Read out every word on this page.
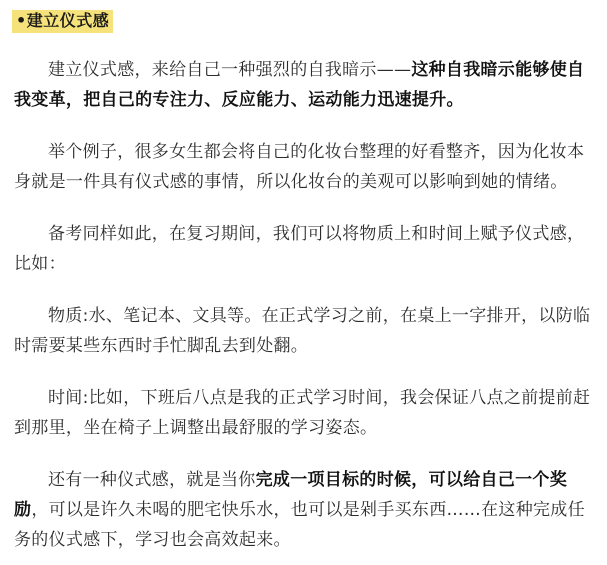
•建立仪式感

建立仪式感，来给自己一种强烈的自我暗示——这种自我暗示能够使自我变革，把自己的专注力、反应能力、运动能力迅速提升。

举个例子，很多女生都会将自己的化妆台整理的好看整齐，因为化妆本身就是一件具有仪式感的事情，所以化妆台的美观可以影响到她的情绪。

备考同样如此，在复习期间，我们可以将物质上和时间上赋予仪式感，比如：

物质:水、笔记本、文具等。在正式学习之前，在桌上一字排开，以防临时需要某些东西时手忙脚乱去到处翻。

时间:比如，下班后八点是我的正式学习时间，我会保证八点之前提前赶到那里，坐在椅子上调整出最舒服的学习姿态。

还有一种仪式感，就是当你完成一项目标的时候，可以给自己一个奖励，可以是许久未喝的肥宅快乐水，也可以是剁手买东西……在这种完成任务的仪式感下，学习也会高效起来。
